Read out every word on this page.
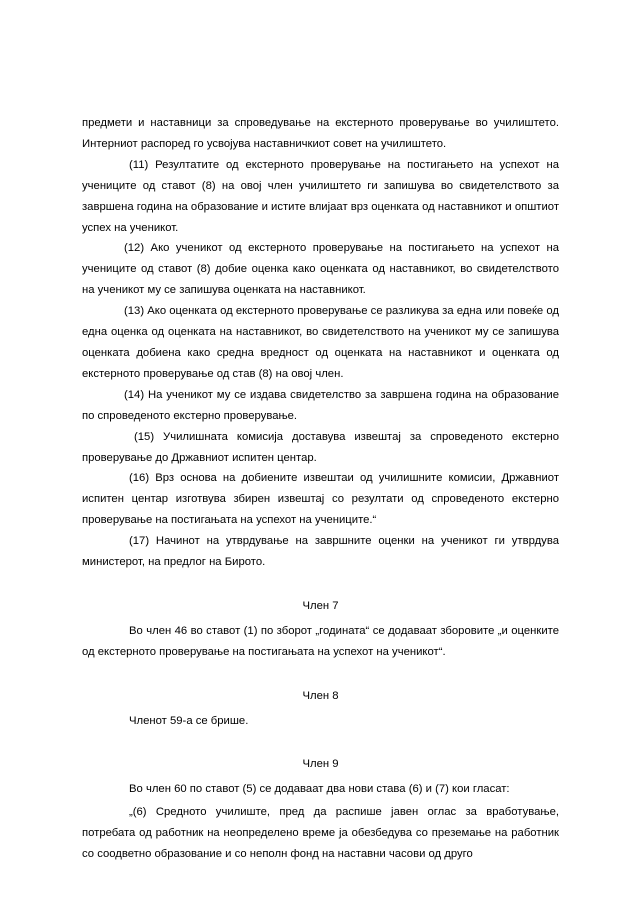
предмети и наставници за спроведување на екстерното проверување во училиштето. Интерниот распоред го усвојува наставничкиот совет на училиштето.

(11) Резултатите од екстерното проверување на постигањето на успехот на учениците од ставот (8) на овој член училиштето ги запишува во свидетелството за завршена година на образование и истите влијаат врз оценката од наставникот и општиот успех на ученикот.

(12) Ако ученикот од екстерното проверување на постигањето на успехот на учениците од ставот (8) добие оценка како оценката од наставникот, во свидетелството на ученикот му се запишува оценката на наставникот.

(13) Ако оценката од екстерното проверување се разликува за една или повеќе од една оценка од оценката на наставникот, во свидетелството на ученикот му се запишува оценката добиена како средна вредност од оценката на наставникот и оценката од екстерното проверување од став (8) на овој член.

(14) На ученикот му се издава свидетелство за завршена година на образование по спроведеното екстерно проверување.

(15) Училишната комисија доставува извештај за спроведеното екстерно проверување до Државниот испитен центар.

(16) Врз основа на добиените извештаи од училишните комисии, Државниот испитен центар изготвува збирен извештај со резултати од спроведеното екстерно проверување на постигањата на успехот на учениците.“

(17) Начинот на утврдување на завршните оценки на ученикот ги утврдува министерот, на предлог на Бирото.

Член 7

Во член 46 во ставот (1) по зборот „годината“ се додаваат зборовите „и оценките од екстерното проверување на постигањата на успехот на ученикот“.

Член 8

Членот 59-а се брише.

Член 9

Во член 60 по ставот (5) се додаваат два нови става (6) и (7) кои гласат:

„(6) Средното училиште, пред да распише јавен оглас за вработување, потребата од работник на неопределено време ја обезбедува со преземање на работник со соодветно образование и со неполн фонд на наставни часови од друго
